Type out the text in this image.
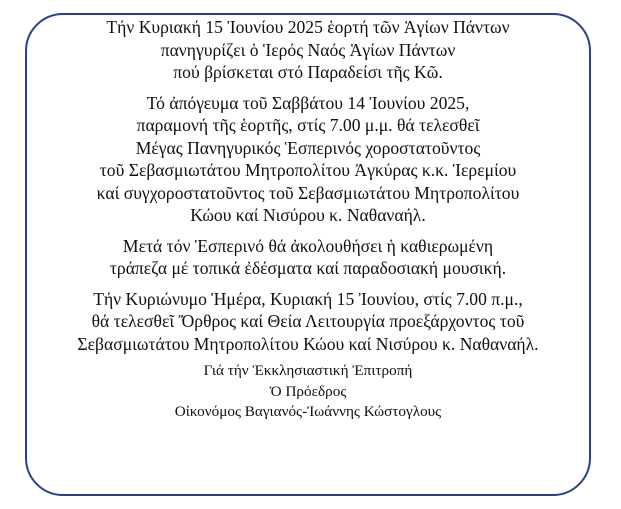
Τήν Κυριακή 15 Ἰουνίου 2025 ἑορτή τῶν Ἁγίων Πάντων
πανηγυρίζει ὁ Ἱερός Ναός Ἁγίων Πάντων
πού βρίσκεται στό Παραδείσι τῆς Κῶ.

Τό ἀπόγευμα τοῦ Σαββάτου 14 Ἰουνίου 2025,
παραμονή τῆς ἑορτῆς, στίς 7.00 μ.μ. θά τελεσθεῖ
Μέγας Πανηγυρικός Ἑσπερινός χοροστατοῦντος
τοῦ Σεβασμιωτάτου Μητροπολίτου Ἀγκύρας κ.κ. Ἱερεμίου
καί συγχοροστατοῦντος τοῦ Σεβασμιωτάτου Μητροπολίτου
Κώου καί Νισύρου κ. Ναθαναήλ.

Μετά τόν Ἑσπερινό θά ἀκολουθήσει ἡ καθιερωμένη
τράπεζα μέ τοπικά ἐδέσματα καί παραδοσιακή μουσική.

Τήν Κυριώνυμο Ἡμέρα, Κυριακή 15 Ἰουνίου, στίς 7.00 π.μ.,
θά τελεσθεῖ Ὄρθρος καί Θεία Λειτουργία προεξάρχοντος τοῦ
Σεβασμιωτάτου Μητροπολίτου Κώου καί Νισύρου κ. Ναθαναήλ.

Γιά τήν Ἐκκλησιαστική Ἐπιτροπή
Ὁ Πρόεδρος
Οἰκονόμος Βαγιανός-Ἰωάννης Κώστογλους
